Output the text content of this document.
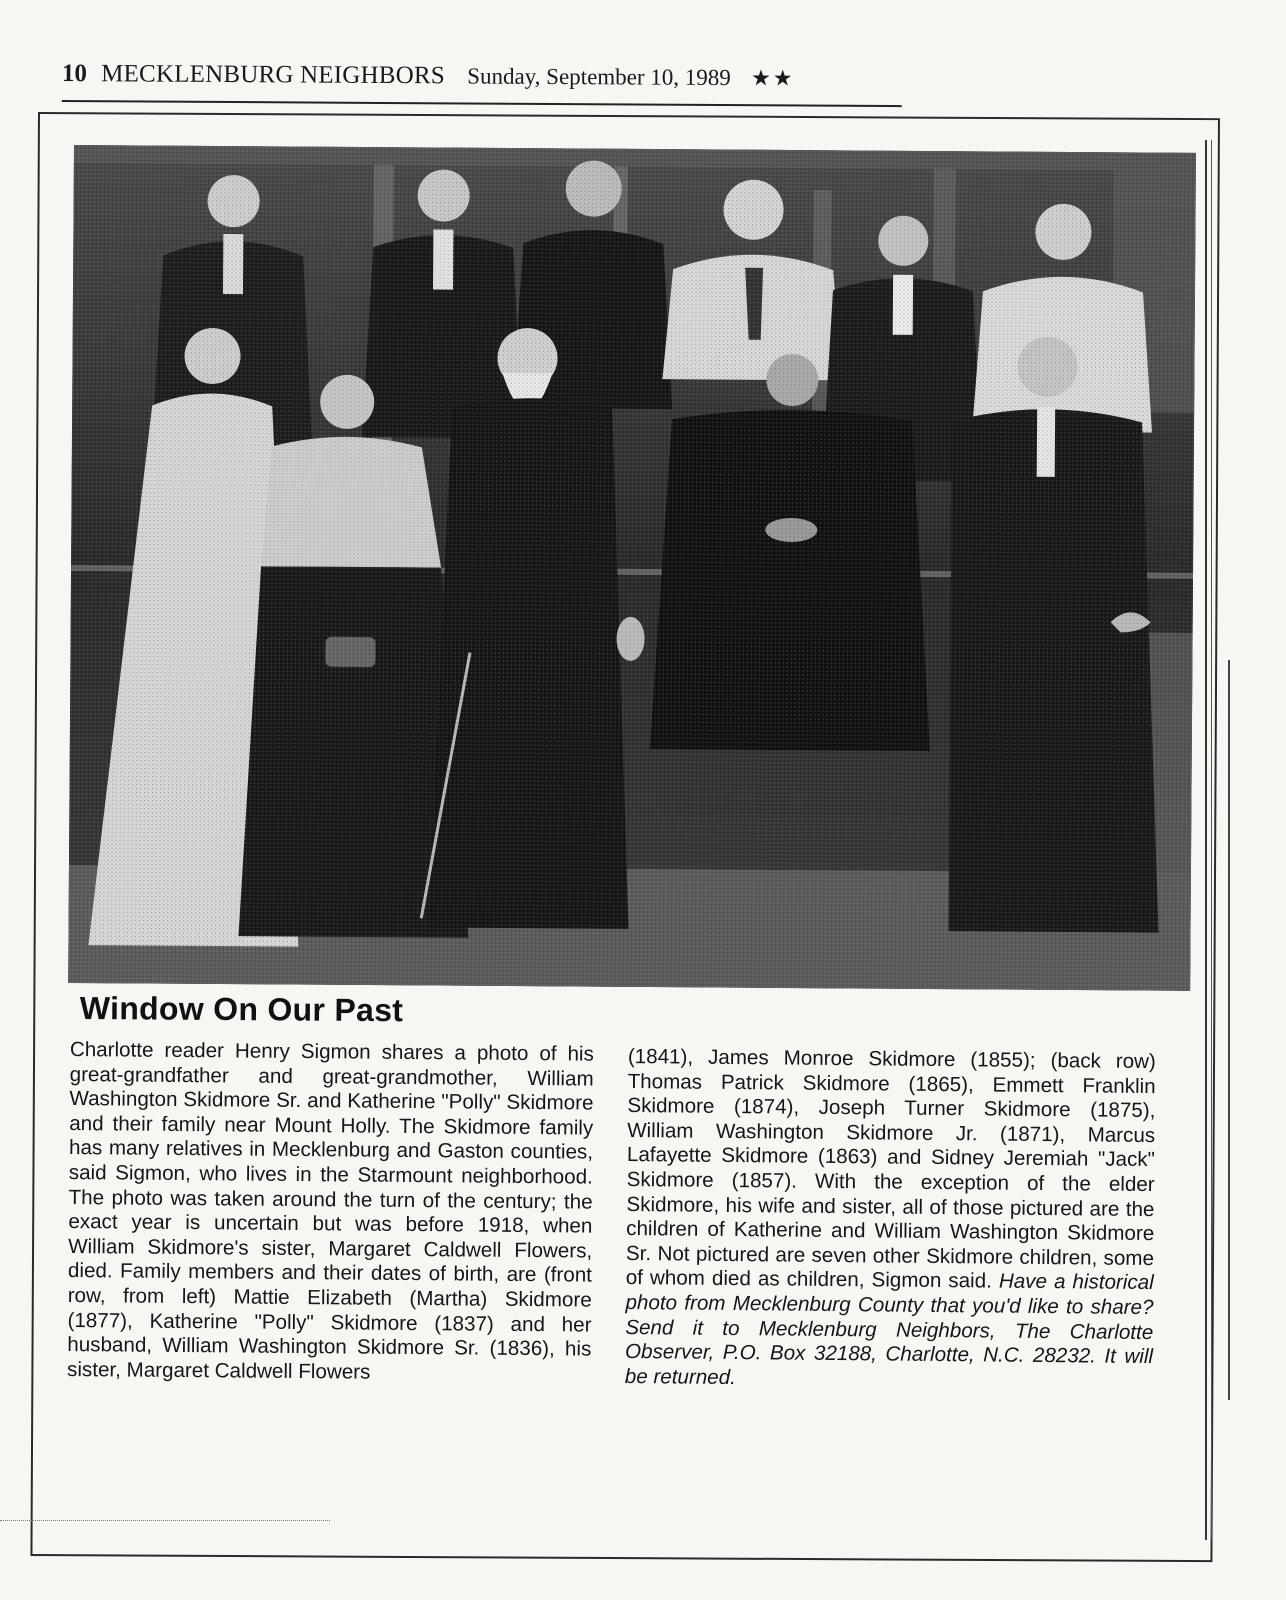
10 MECKLENBURG NEIGHBORS Sunday, September 10, 1989 ★★
Window On Our Past
Charlotte reader Henry Sigmon shares a photo of his great-grandfather and great-grandmother, William Washington Skidmore Sr. and Katherine "Polly" Skidmore and their family near Mount Holly. The Skidmore family has many relatives in Mecklenburg and Gaston counties, said Sigmon, who lives in the Starmount neighborhood. The photo was taken around the turn of the century; the exact year is uncertain but was before 1918, when William Skidmore's sister, Margaret Caldwell Flowers, died. Family members and their dates of birth, are (front row, from left) Mattie Elizabeth (Martha) Skidmore (1877), Katherine "Polly" Skidmore (1837) and her husband, William Washington Skidmore Sr. (1836), his sister, Margaret Caldwell Flowers
(1841), James Monroe Skidmore (1855); (back row) Thomas Patrick Skidmore (1865), Emmett Franklin Skidmore (1874), Joseph Turner Skidmore (1875), William Washington Skidmore Jr. (1871), Marcus Lafayette Skidmore (1863) and Sidney Jeremiah "Jack" Skidmore (1857). With the exception of the elder Skidmore, his wife and sister, all of those pictured are the children of Katherine and William Washington Skidmore Sr. Not pictured are seven other Skidmore children, some of whom died as children, Sigmon said. Have a historical photo from Mecklenburg County that you'd like to share? Send it to Mecklenburg Neighbors, The Charlotte Observer, P.O. Box 32188, Charlotte, N.C. 28232. It will be returned.
